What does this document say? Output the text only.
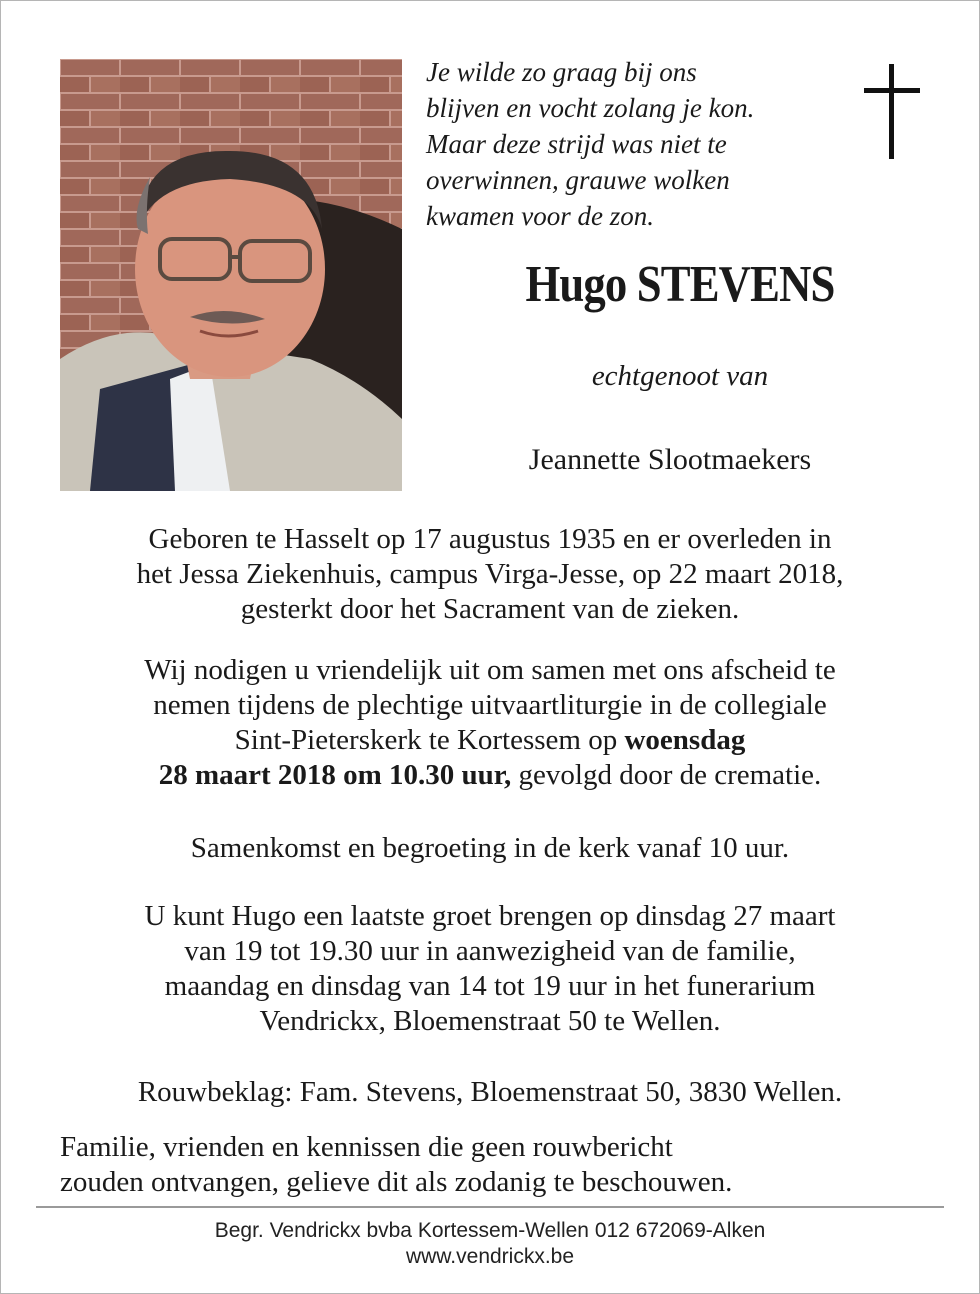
Je wilde zo graag bij ons
blijven en vocht zolang je kon.
Maar deze strijd was niet te
overwinnen, grauwe wolken
kwamen voor de zon.
Hugo STEVENS
echtgenoot van
Jeannette Slootmaekers
Geboren te Hasselt op 17 augustus 1935 en er overleden in
het Jessa Ziekenhuis, campus Virga-Jesse, op 22 maart 2018,
gesterkt door het Sacrament van de zieken.
Wij nodigen u vriendelijk uit om samen met ons afscheid te
nemen tijdens de plechtige uitvaartliturgie in de collegiale
Sint-Pieterskerk te Kortessem op woensdag
28 maart 2018 om 10.30 uur, gevolgd door de crematie.
Samenkomst en begroeting in de kerk vanaf 10 uur.
U kunt Hugo een laatste groet brengen op dinsdag 27 maart
van 19 tot 19.30 uur in aanwezigheid van de familie,
maandag en dinsdag van 14 tot 19 uur in het funerarium
Vendrickx, Bloemenstraat 50 te Wellen.
Rouwbeklag: Fam. Stevens, Bloemenstraat 50, 3830 Wellen.
Familie, vrienden en kennissen die geen rouwbericht
zouden ontvangen, gelieve dit als zodanig te beschouwen.
Begr. Vendrickx bvba Kortessem-Wellen 012 672069-Alken
www.vendrickx.be
